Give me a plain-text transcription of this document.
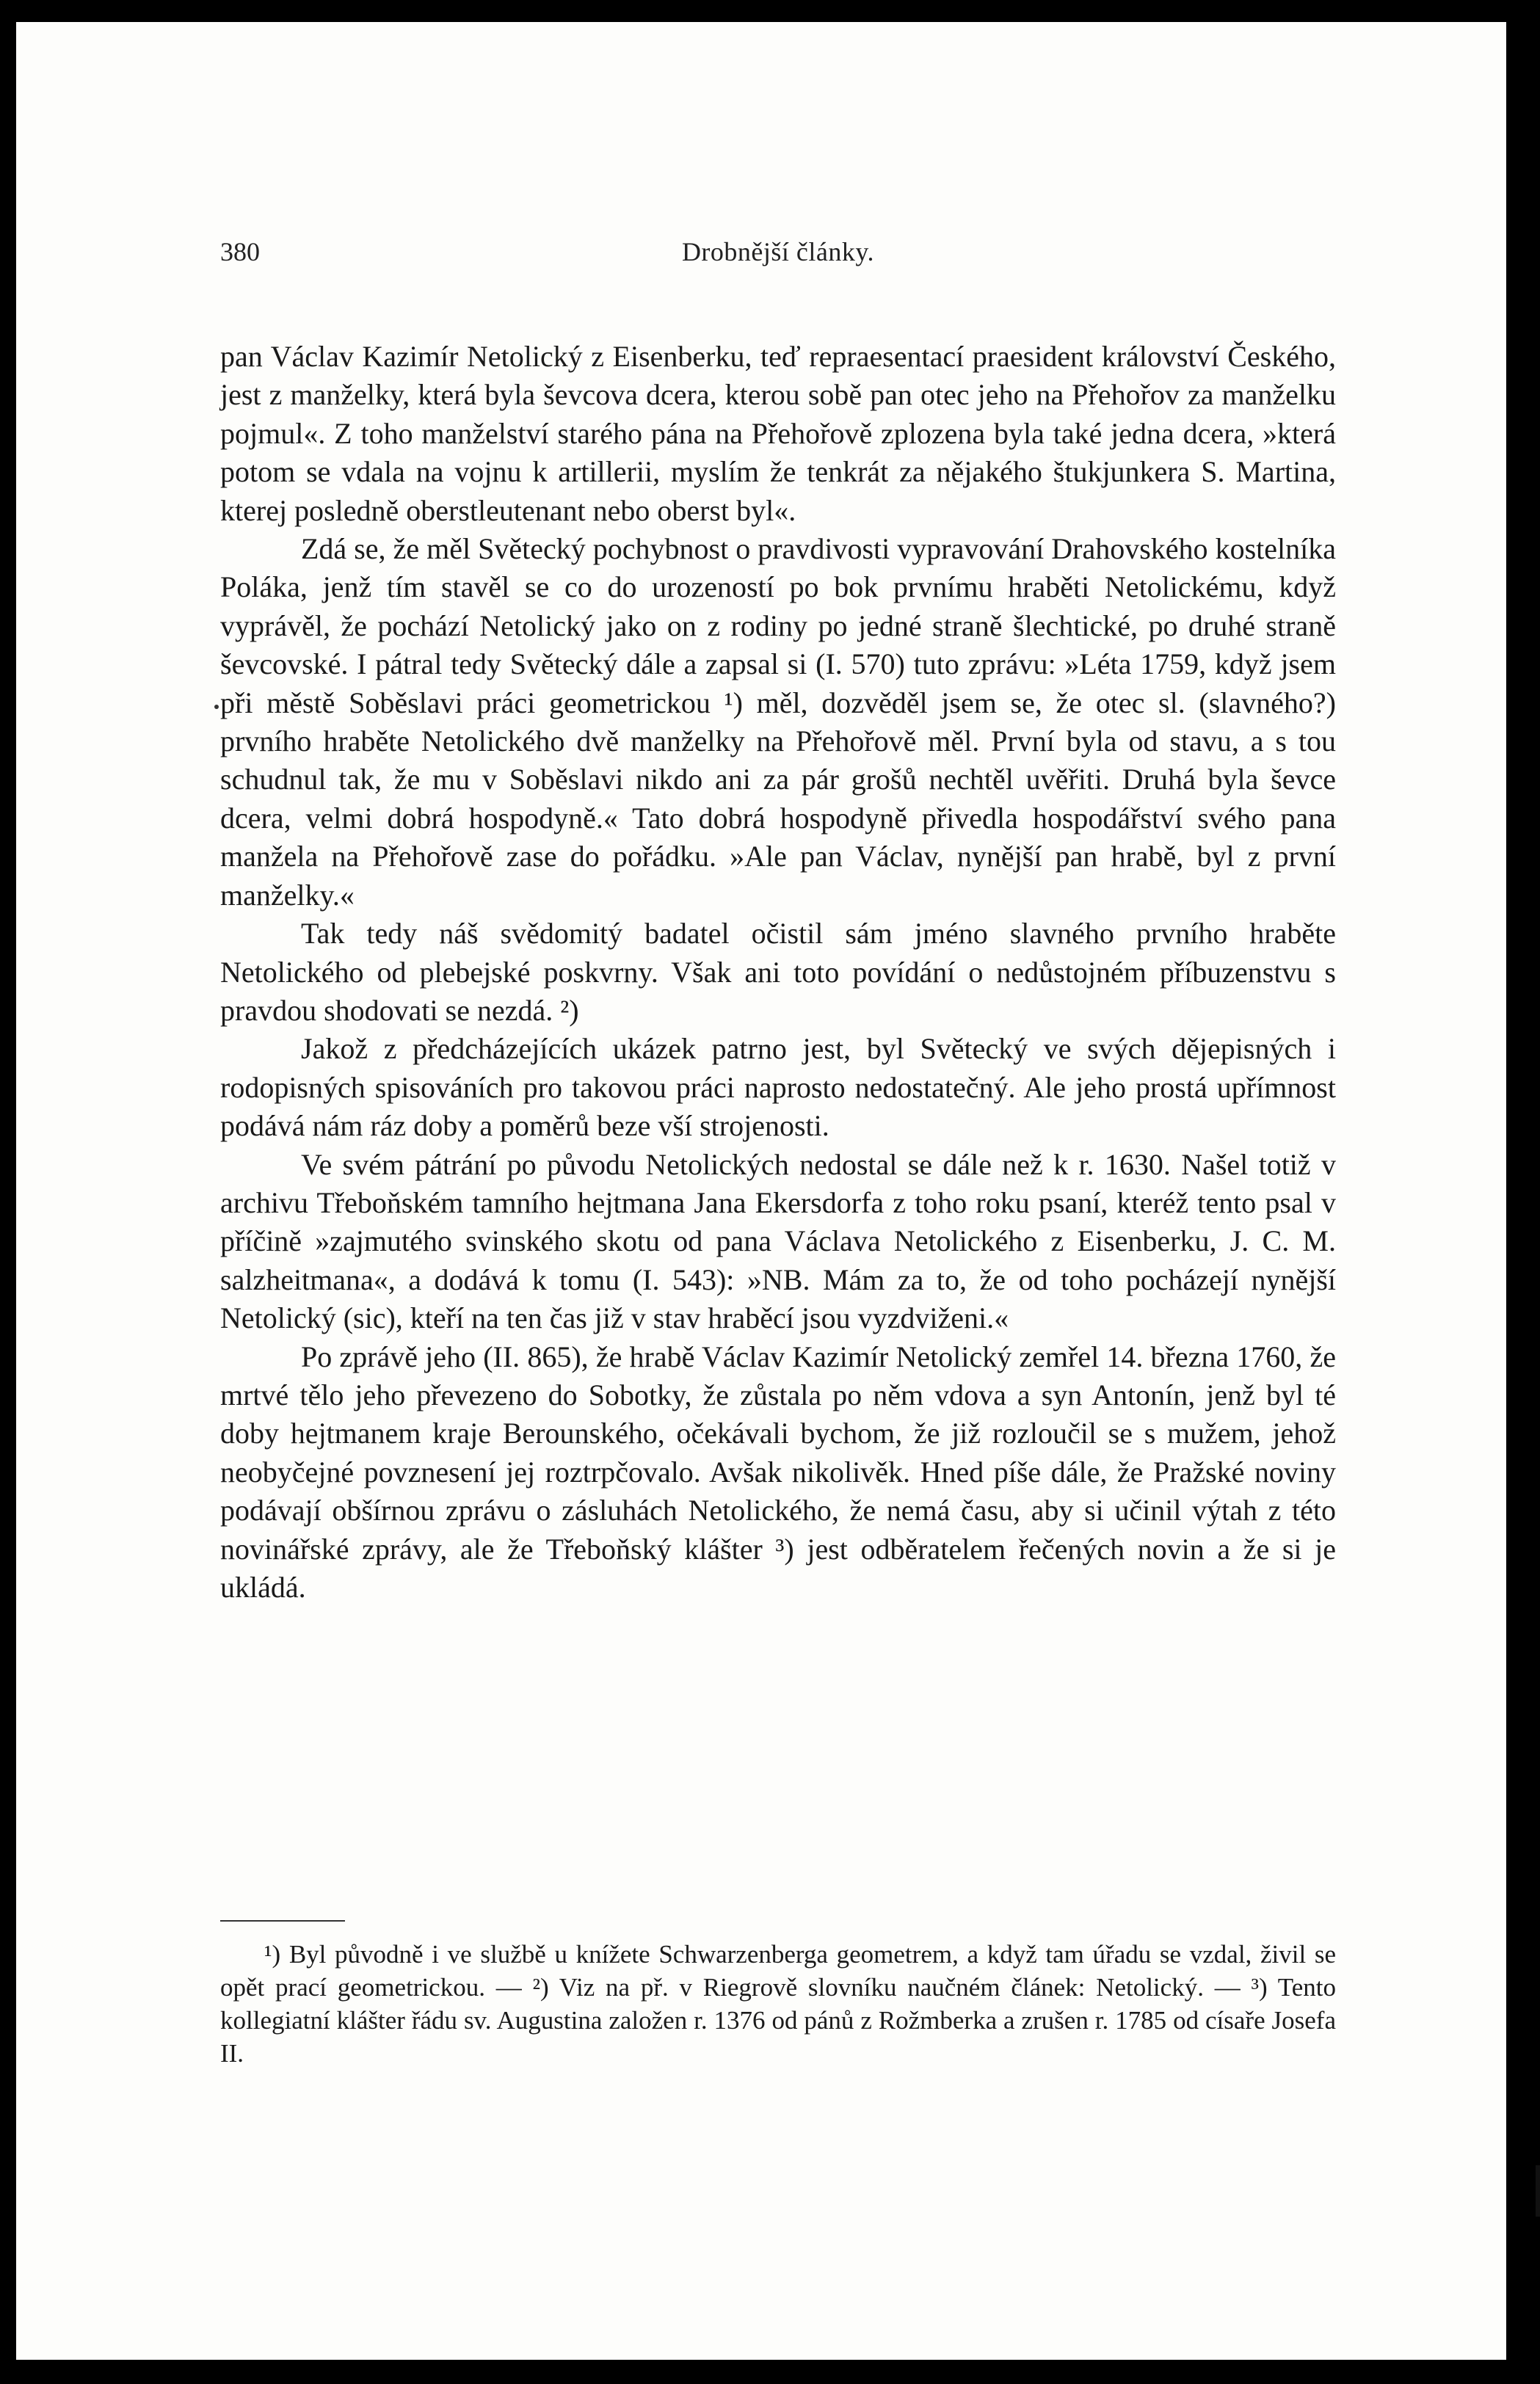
380	Drobnější články.

pan Václav Kazimír Netolický z Eisenberku, teď repraesentací praesident království Českého, jest z manželky, která byla ševcova dcera, kterou sobě pan otec jeho na Přehořov za manželku pojmul«. Z toho manželství starého pána na Přehořově zplozena byla také jedna dcera, »která potom se vdala na vojnu k artillerii, myslím že tenkrát za nějakého štukjunkera S. Martina, kterej posledně oberstleutenant nebo oberst byl«.

Zdá se, že měl Světecký pochybnost o pravdivosti vypravování Drahovského kostelníka Poláka, jenž tím stavěl se co do urozeností po bok prvnímu hraběti Netolickému, když vyprávěl, že pochází Netolický jako on z rodiny po jedné straně šlechtické, po druhé straně ševcovské. I pátral tedy Světecký dále a zapsal si (I. 570) tuto zprávu: »Léta 1759, když jsem při městě Soběslavi práci geometrickou ¹) měl, dozvěděl jsem se, že otec sl. (slavného?) prvního hraběte Netolického dvě manželky na Přehořově měl. První byla od stavu, a s tou schudnul tak, že mu v Soběslavi nikdo ani za pár grošů nechtěl uvěřiti. Druhá byla ševce dcera, velmi dobrá hospodyně.« Tato dobrá hospodyně přivedla hospodářství svého pana manžela na Přehořově zase do pořádku. »Ale pan Václav, nynější pan hrabě, byl z první manželky.«

Tak tedy náš svědomitý badatel očistil sám jméno slavného prvního hraběte Netolického od plebejské poskvrny. Však ani toto povídání o nedůstojném příbuzenstvu s pravdou shodovati se nezdá. ²)

Jakož z předcházejících ukázek patrno jest, byl Světecký ve svých dějepisných i rodopisných spisováních pro takovou práci naprosto nedostatečný. Ale jeho prostá upřímnost podává nám ráz doby a poměrů beze vší strojenosti.

Ve svém pátrání po původu Netolických nedostal se dále než k r. 1630. Našel totiž v archivu Třeboňském tamního hejtmana Jana Ekersdorfa z toho roku psaní, kteréž tento psal v příčině »zajmutého svinského skotu od pana Václava Netolického z Eisenberku, J. C. M. salzheitmana«, a dodává k tomu (I. 543): »NB. Mám za to, že od toho pocházejí nynější Netolický (sic), kteří na ten čas již v stav hraběcí jsou vyzdviženi.«

Po zprávě jeho (II. 865), že hrabě Václav Kazimír Netolický zemřel 14. března 1760, že mrtvé tělo jeho převezeno do Sobotky, že zůstala po něm vdova a syn Antonín, jenž byl té doby hejtmanem kraje Berounského, očekávali bychom, že již rozloučil se s mužem, jehož neobyčejné povznesení jej roztrpčovalo. Avšak nikolivěk. Hned píše dále, že Pražské noviny podávají obšírnou zprávu o zásluhách Netolického, že nemá času, aby si učinil výtah z této novinářské zprávy, ale že Třeboňský klášter ³) jest odběratelem řečených novin a že si je ukládá.

¹) Byl původně i ve službě u knížete Schwarzenberga geometrem, a když tam úřadu se vzdal, živil se opět prací geometrickou. — ²) Viz na př. v Riegrově slovníku naučném článek: Netolický. — ³) Tento kollegiatní klášter řádu sv. Augustina založen r. 1376 od pánů z Rožmberka a zrušen r. 1785 od císaře Josefa II.
